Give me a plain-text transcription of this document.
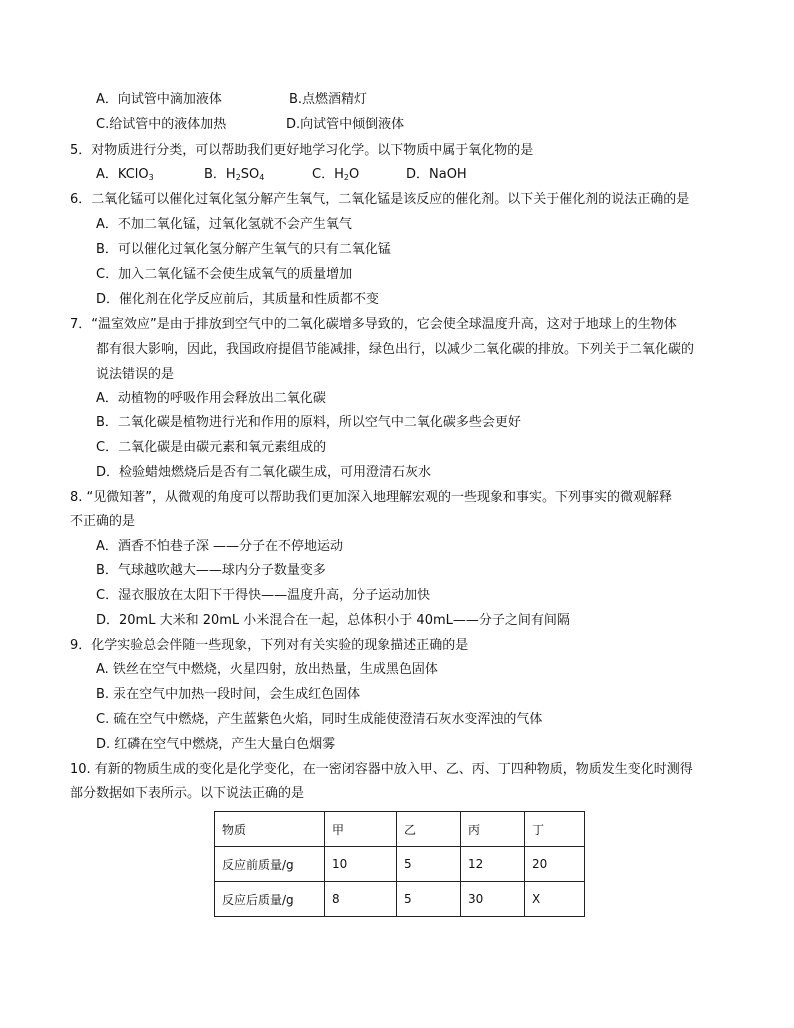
A．向试管中滴加液体	B.点燃酒精灯
C.给试管中的液体加热	D.向试管中倾倒液体
5．对物质进行分类，可以帮助我们更好地学习化学。以下物质中属于氧化物的是
A．KClO$_3$	B．$H_2SO_4$	C．$H_2O$	D．NaOH
6．二氧化锰可以催化过氧化氢分解产生氧气，二氧化锰是该反应的催化剂。以下关于催化剂的说法正确的是
A．不加二氧化锰，过氧化氢就不会产生氧气
B．可以催化过氧化氢分解产生氧气的只有二氧化锰
C．加入二氧化锰不会使生成氧气的质量增加
D．催化剂在化学反应前后，其质量和性质都不变
7．“温室效应”是由于排放到空气中的二氧化碳增多导致的，它会使全球温度升高，这对于地球上的生物体
都有很大影响，因此，我国政府提倡节能减排，绿色出行，以减少二氧化碳的排放。下列关于二氧化碳的
说法错误的是
A．动植物的呼吸作用会释放出二氧化碳
B．二氧化碳是植物进行光和作用的原料，所以空气中二氧化碳多些会更好
C．二氧化碳是由碳元素和氧元素组成的
D．检验蜡烛燃烧后是否有二氧化碳生成，可用澄清石灰水
8. “见微知著”，从微观的角度可以帮助我们更加深入地理解宏观的一些现象和事实。下列事实的微观解释
不正确的是
A．酒香不怕巷子深 ——分子在不停地运动
B．气球越吹越大——球内分子数量变多
C．湿衣服放在太阳下干得快——温度升高，分子运动加快
D．20mL 大米和 20mL 小米混合在一起，总体积小于 40mL——分子之间有间隔
9．化学实验总会伴随一些现象，下列对有关实验的现象描述正确的是
A. 铁丝在空气中燃烧，火星四射，放出热量，生成黑色固体
B. 汞在空气中加热一段时间，会生成红色固体
C. 硫在空气中燃烧，产生蓝紫色火焰，同时生成能使澄清石灰水变浑浊的气体
D. 红磷在空气中燃烧，产生大量白色烟雾
10. 有新的物质生成的变化是化学变化，在一密闭容器中放入甲、乙、丙、丁四种物质，物质发生变化时测得
部分数据如下表所示。以下说法正确的是
物质	甲	乙	丙	丁
反应前质量/g	10	5	12	20
反应后质量/g	8	5	30	X
